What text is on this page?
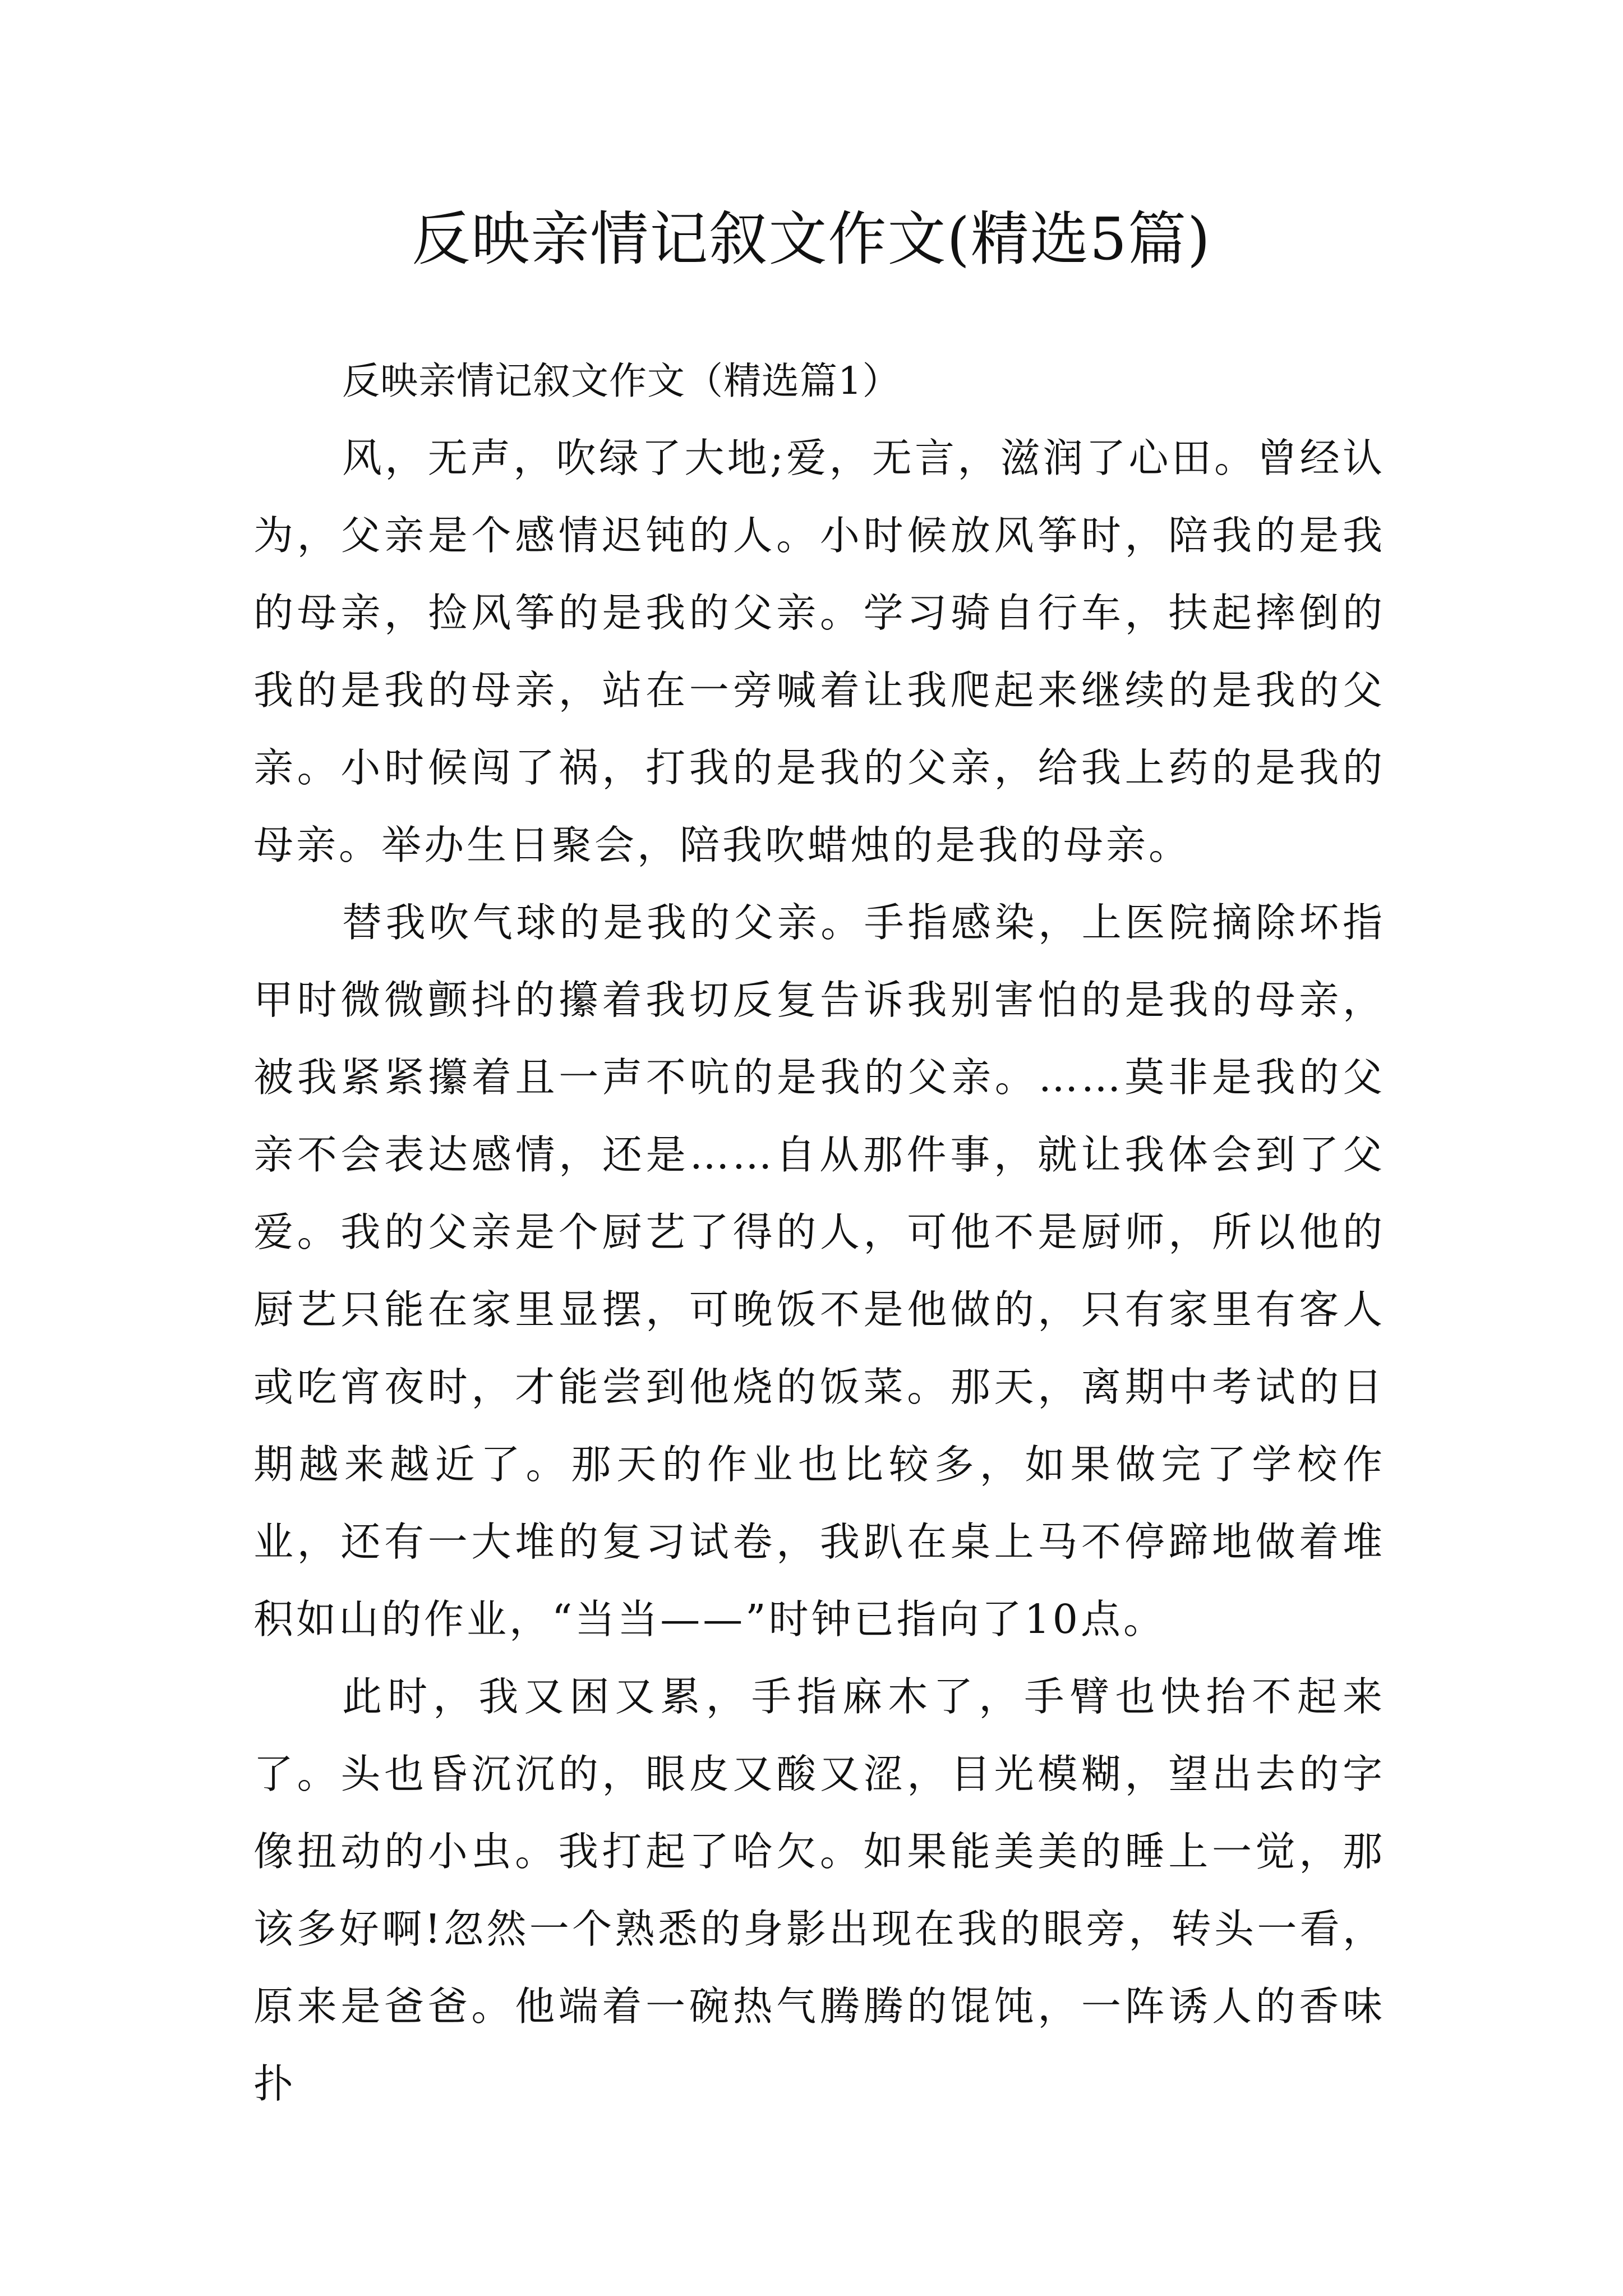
反映亲情记叙文作文(精选5篇)

反映亲情记叙文作文（精选篇1）

风，无声，吹绿了大地;爱，无言，滋润了心田。曾经认为，父亲是个感情迟钝的人。小时候放风筝时，陪我的是我的母亲，捡风筝的是我的父亲。学习骑自行车，扶起摔倒的我的是我的母亲，站在一旁喊着让我爬起来继续的是我的父亲。小时候闯了祸，打我的是我的父亲，给我上药的是我的母亲。举办生日聚会，陪我吹蜡烛的是我的母亲。

替我吹气球的是我的父亲。手指感染，上医院摘除坏指甲时微微颤抖的攥着我切反复告诉我别害怕的是我的母亲，被我紧紧攥着且一声不吭的是我的父亲。……莫非是我的父亲不会表达感情，还是……自从那件事，就让我体会到了父爱。我的父亲是个厨艺了得的人，可他不是厨师，所以他的厨艺只能在家里显摆，可晚饭不是他做的，只有家里有客人或吃宵夜时，才能尝到他烧的饭菜。那天，离期中考试的日期越来越近了。那天的作业也比较多，如果做完了学校作业，还有一大堆的复习试卷，我趴在桌上马不停蹄地做着堆积如山的作业，“当当——”时钟已指向了10点。

此时，我又困又累，手指麻木了，手臂也快抬不起来了。头也昏沉沉的，眼皮又酸又涩，目光模糊，望出去的字像扭动的小虫。我打起了哈欠。如果能美美的睡上一觉，那该多好啊!忽然一个熟悉的身影出现在我的眼旁，转头一看，原来是爸爸。他端着一碗热气腾腾的馄饨，一阵诱人的香味扑
